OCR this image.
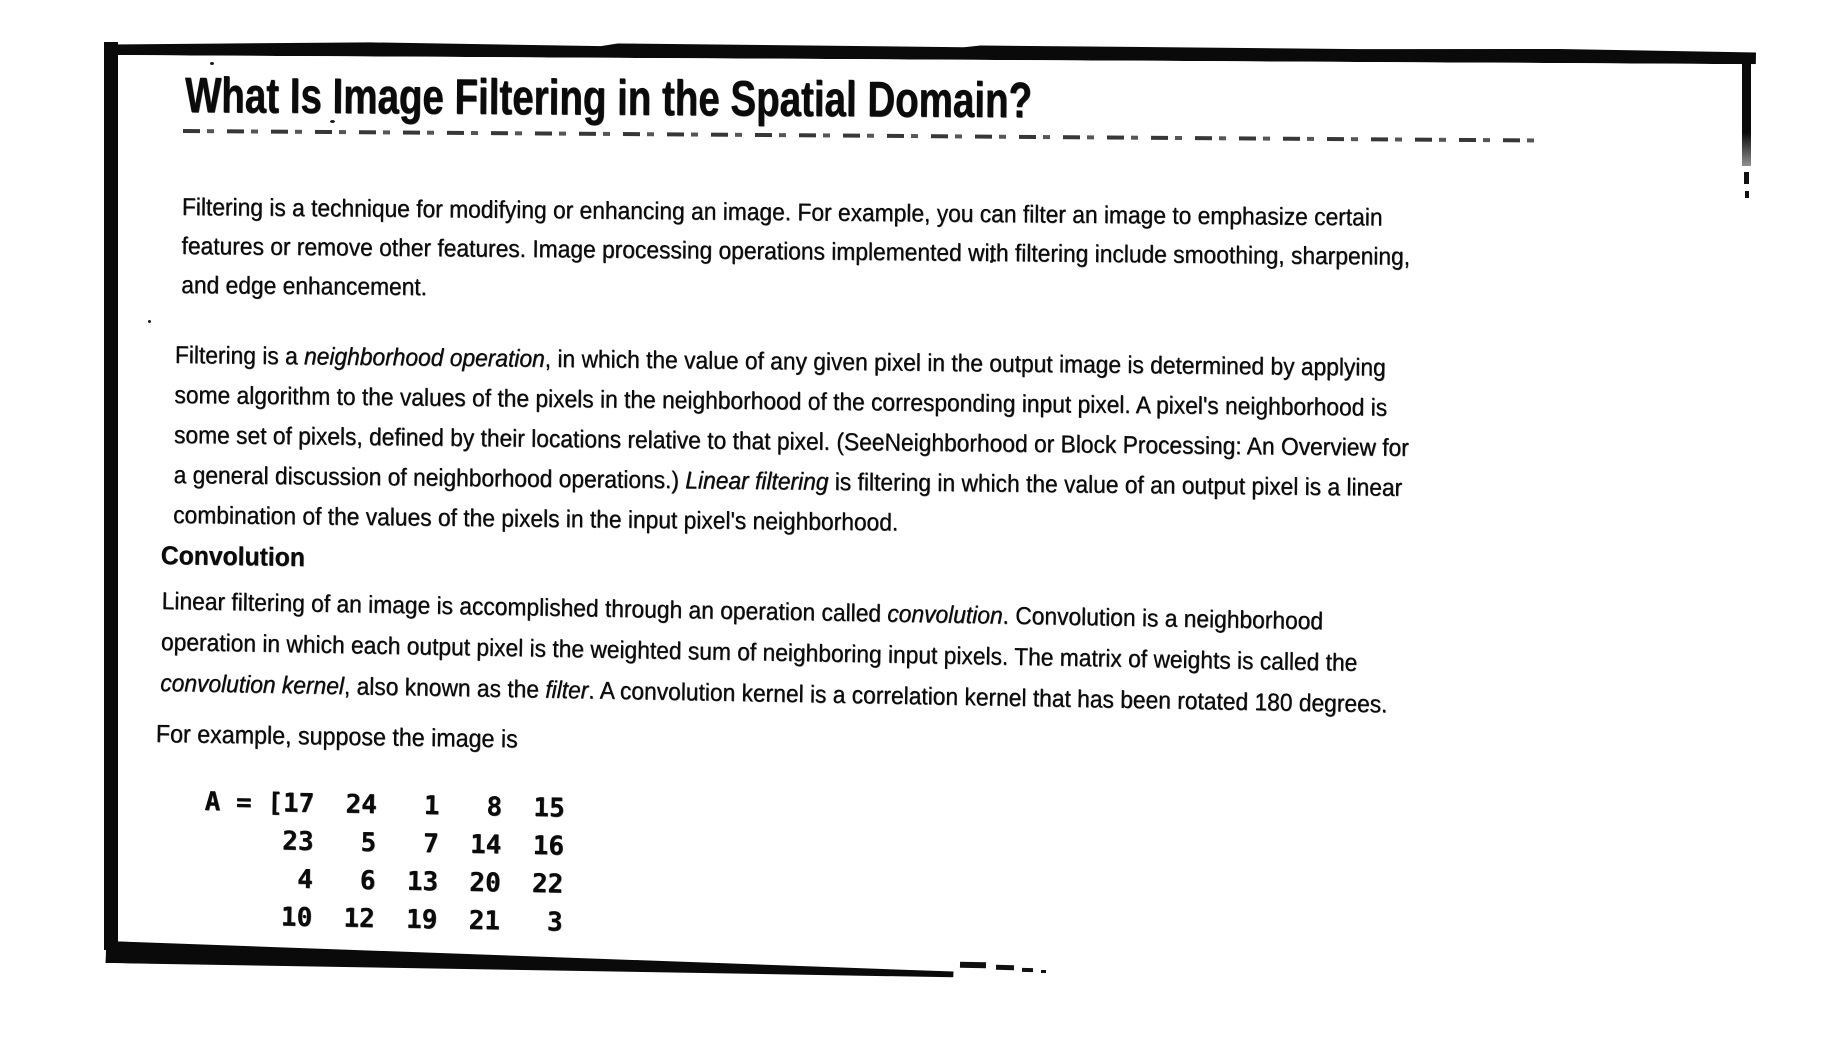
What Is Image Filtering in the Spatial Domain?
Filtering is a technique for modifying or enhancing an image. For example, you can filter an image to emphasize certain
features or remove other features. Image processing operations implemented with filtering include smoothing, sharpening,
and edge enhancement.
Filtering is a neighborhood operation, in which the value of any given pixel in the output image is determined by applying
some algorithm to the values of the pixels in the neighborhood of the corresponding input pixel. A pixel's neighborhood is
some set of pixels, defined by their locations relative to that pixel. (SeeNeighborhood or Block Processing: An Overview for
a general discussion of neighborhood operations.) Linear filtering is filtering in which the value of an output pixel is a linear
combination of the values of the pixels in the input pixel's neighborhood.
Convolution
Linear filtering of an image is accomplished through an operation called convolution. Convolution is a neighborhood
operation in which each output pixel is the weighted sum of neighboring input pixels. The matrix of weights is called the
convolution kernel, also known as the filter. A convolution kernel is a correlation kernel that has been rotated 180 degrees.
For example, suppose the image is
A = [17  24   1   8  15
23   5   7  14  16
4   6  13  20  22
10  12  19  21   3
